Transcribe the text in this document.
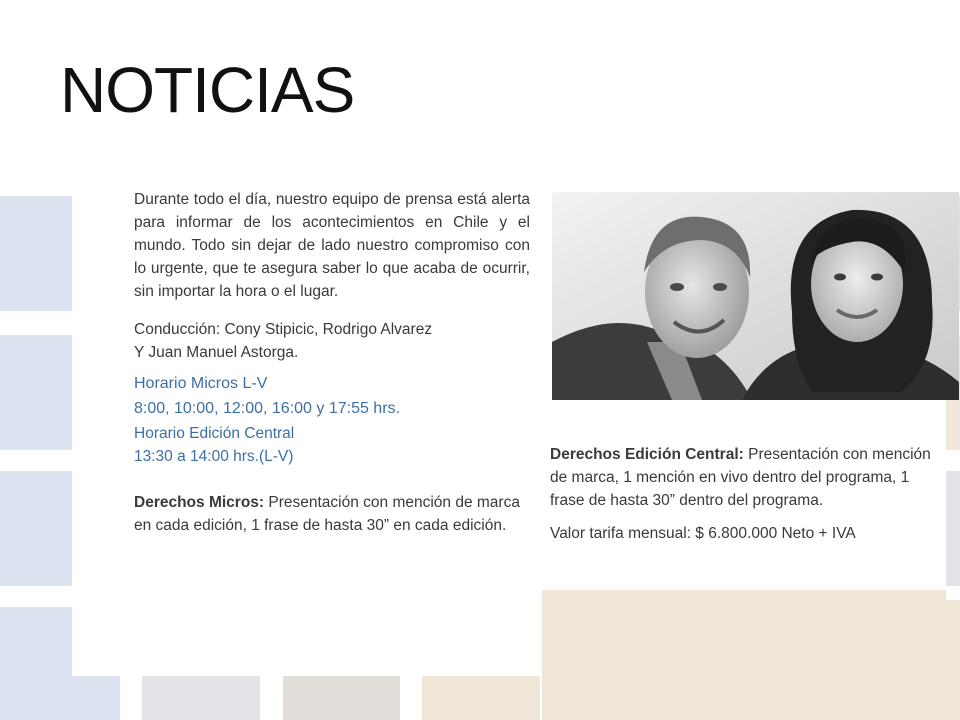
NOTICIAS

Durante todo el día, nuestro equipo de prensa está alerta para informar de los acontecimientos en Chile y el mundo. Todo sin dejar de lado nuestro compromiso con lo urgente, que te asegura saber lo que acaba de ocurrir, sin importar la hora o el lugar.

Conducción: Cony Stipicic, Rodrigo Alvarez
Y Juan Manuel Astorga.

Horario Micros L-V

8:00, 10:00, 12:00, 16:00 y 17:55 hrs.

Horario Edición Central

13:30 a 14:00 hrs.(L-V)

Derechos Micros: Presentación con mención de marca en cada edición, 1 frase de hasta 30” en cada edición.

Derechos Edición Central: Presentación con mención de marca, 1 mención en vivo dentro del programa, 1 frase de hasta 30” dentro del programa.

Valor tarifa mensual: $ 6.800.000 Neto + IVA
